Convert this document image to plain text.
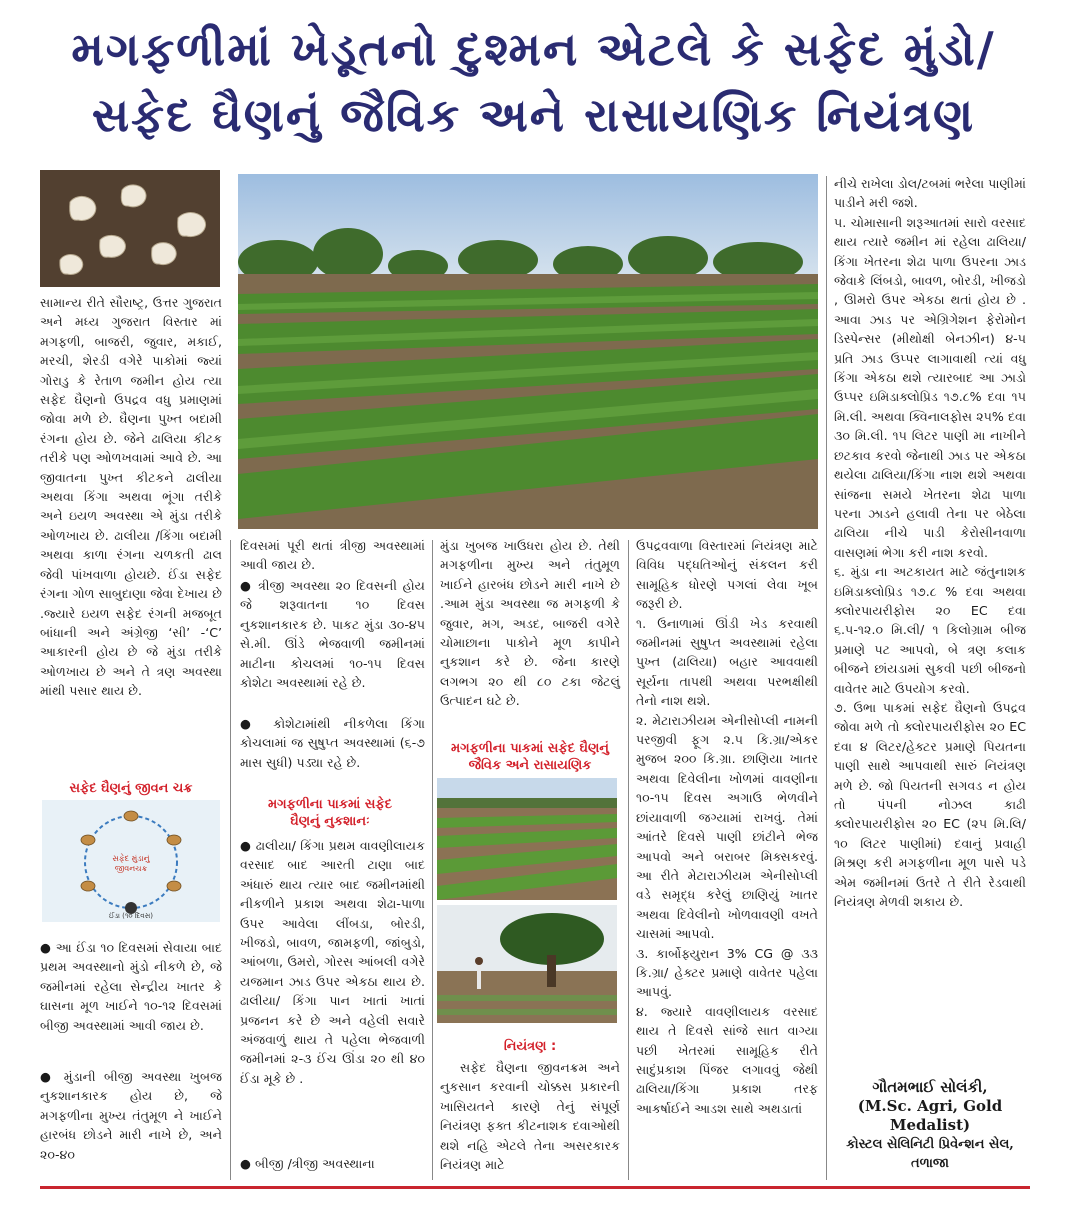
મગફળીમાં ખેડૂતનો દુશ્મન એટલે કે સફેદ મુંડો/
સફેદ ઘૈણનું જૈવિક અને રાસાયણિક નિયંત્રણ
સામાન્ય રીતે સૌરાષ્ટ્ર, ઉત્તર ગુજરાત અને મધ્ય ગુજરાત વિસ્તાર માં મગફળી, બાજરી, જુવાર, મકાઈ, મરચી, શેરડી વગેરે પાકોમાં જ્યાં ગોરાડુ કે રેતાળ જમીન હોય ત્યા સફેદ ઘૈણનો ઉપદ્રવ વધુ પ્રમાણમાં જોવા મળે છે. ઘૈણના પુખ્ત બદામી રંગના હોય છે. જેને ઢાલિયા કીટક તરીકે પણ ઓળખવામાં આવે છે. આ જીવાતના પુખ્ત કીટકને ઢાલીયા અથવા કિંગા અથવા ભૂંગા તરીકે અને ઇયળ અવસ્થા એ મુંડા તરીકે ઓળખાય છે. ઢાલીયા /કિંગા બદામી અથવા કાળા રંગના ચળકતી ઢાલ જેવી પાંખવાળા હોયછે. ઈંડા સફેદ રંગના ગોળ સાબુદાણા જેવા દેખાય છે .જ્યારે ઇયળ સફેદ રંગની મજબૂત બાંધાની અને અંગ્રેજી ‘સી’ -‘C’ આકારની હોય છે જે મુંડા તરીકે ઓળખાય છે અને તે ત્રણ અવસ્થા માંથી પસાર થાય છે.
સફેદ ઘૈણનું જીવન ચક્ર
સફેદ મુંડાનું જીવનચક્ર
ઈંડા (૧૦ દિવસ)
● આ ઈંડા ૧૦ દિવસમાં સેવાયા બાદ પ્રથમ અવસ્થાનો મુંડો નીકળે છે, જે જમીનમાં રહેલા સેન્દ્રીય ખાતર કે ઘાસના મૂળ ખાઈને ૧૦-૧૨ દિવસમાં બીજી અવસ્થામાં આવી જાય છે.
● મુંડાની બીજી અવસ્થા ખુબજ નુકશાનકારક હોય છે, જે મગફળીના મુખ્ય તંતુમૂળ ને ખાઈને હારબંધ છોડને મારી નાખે છે, અને ૨૦-૪૦
દિવસમાં પૂરી થતાં ત્રીજી અવસ્થામાં આવી જાય છે.
● ત્રીજી અવસ્થા ૨૦ દિવસની હોય જે શરૂવાતના ૧૦ દિવસ નુકશાનકારક છે. પાકટ મુંડા ૩૦-૪૫ સે.મી. ઊંડે ભેજવાળી જમીનમાં માટીના કોચલમાં ૧૦-૧૫ દિવસ કોશેટા અવસ્થામાં રહે છે.
● કોશેટામાંથી નીકળેલા કિંગા કોચલામાં જ સુષુપ્ત અવસ્થામાં (૬-૭ માસ સુધી) પડ્યા રહે છે.
મગફળીના પાકમાં સફેદ ઘૈણનું નુકશાનઃ
● ઢાલીયા/ કિંગા પ્રથમ વાવણીલાયક વરસાદ બાદ આરતી ટાણા બાદ અંધારું થાય ત્યાર બાદ જમીનમાંથી નીકળીને પ્રકાશ અથવા શેઢા-પાળા ઉપર આવેલા લીંબડા, બોરડી, ખીજડો, બાવળ, જામફળી, જાંબુડો, આંબળા, ઉમરો, ગોરસ આંબલી વગેરે યજમાન ઝાડ ઉપર એકઠા થાય છે. ઢાલીયા/ કિંગા પાન ખાતાં ખાતાં પ્રજનન કરે છે અને વહેલી સવારે અંજવાળું થાય તે પહેલા ભેજવાળી જમીનમાં ૨-૩ ઈંચ ઊંડા ૨૦ થી ૪૦ ઈંડા મૂકે છે .
● બીજી /ત્રીજી અવસ્થાના
મુંડા ખુબજ ખાઉધરા હોય છે. તેથી મગફળીના મુખ્ય અને તંતુમૂળ ખાઈને હારબંધ છોડને મારી નાખે છે .આમ મુંડા અવસ્થા જ મગફળી કે જુવાર, મગ, અડદ, બાજરી વગેરે ચોમાછાના પાકોને મૂળ કાપીને નુકશાન કરે છે. જેના કારણે લગભગ ૨૦ થી ૮૦ ટકા જેટલું ઉત્પાદન ઘટે છે.
મગફળીના પાકમાં સફેદ ઘૈણનું જૈવિક અને રાસાયણિક
નિયંત્રણ :
સફેદ ઘૈણના જીવનક્રમ અને નુકસાન કરવાની ચોક્કસ પ્રકારની ખાસિયતને કારણે તેનું સંપૂર્ણ નિયંત્રણ ફક્ત કીટનાશક દવાઓથી થશે નહિ એટલે તેના અસરકારક નિયંત્રણ માટે
ઉપદ્રવવાળા વિસ્તારમાં નિયંત્રણ માટે વિવિધ પદ્ધતિઓનું સંકલન કરી સામૂહિક ધોરણે પગલાં લેવા ખૂબ જરૂરી છે.
૧. ઉનાળામાં ઊંડી ખેડ કરવાથી જમીનમાં સુષુપ્ત અવસ્થામાં રહેલા પુખ્ત (ઢાલિયા) બહાર આવવાથી સૂર્યના તાપથી અથવા પરભક્ષીથી તેનો નાશ થશે.
૨. મેટારાઝીયમ એનીસોપ્લી નામની પરજીવી ફૂગ ૨.૫ કિ.ગ્રા/એકર મુજબ ૨૦૦ કિ.ગ્રા. છાણિયા ખાતર અથવા દિવેલીના ખોળમાં વાવણીના ૧૦-૧૫ દિવસ અગાઉ ભેળવીને છાંયાવાળી જગ્યામાં રાખવું. તેમાં આંતરે દિવસે પાણી છાંટીને ભેજ આપવો અને બરાબર મિક્સકરવું. આ રીતે મેટારાઝીયમ એનીસોપ્લી વડે સમૃદ્ધ કરેલું છાણિયું ખાતર અથવા દિવેલીનો ખોળવાવણી વખતે ચાસમાં આપવો.
૩. કાર્બોફ્યુરાન 3% CG @ ૩૩ કિ.ગ્રા/ હેક્ટર પ્રમાણે વાવેતર પહેલા આપવું.
૪. જ્યારે વાવણીલાયક વરસાદ થાય તે દિવસે સાંજે સાત વાગ્યા પછી ખેતરમાં સામૂહિક રીતે સાદુંપ્રકાશ પિંજર લગાવવું જેથી ઢાલિયા/કિંગા પ્રકાશ તરફ આકર્ષાઈને આડશ સાથે અથડાતાં
નીચે રાખેલા ડોલ/ટબમાં ભરેલા પાણીમાં પાડીને મરી જશે.
૫. ચોમાસાની શરૂઆતમાં સારો વરસાદ થાય ત્યારે જમીન માં રહેલા ઢાલિયા/કિંગા ખેતરના શેઢા પાળા ઉપરના ઝાડ જેવાકે લિંબડો, બાવળ, બોરડી, ખીજડો , ઊમરો ઉપર એકઠા થતાં હોય છે . આવા ઝાડ પર એગ્રિગેશન ફેરોમોન ડિસ્પેન્સર (મીથોક્ષી બેનઝીન) ૪-૫ પ્રતિ ઝાડ ઉપ્પર લાગાવાથી ત્યાં વધુ કિંગા એકઠા થશે ત્યારબાદ આ ઝાડો ઉપ્પર ઇમિડાક્લોપ્રિડ ૧૭.૮% દવા ૧૫ મિ.લી. અથવા ક્વિનાલફોસ ૨૫% દવા ૩૦ મિ.લી. ૧૫ લિટર પાણી મા નાખીને છટકાવ કરવો જેનાથી ઝાડ પર એકઠા થયેલા ઢાલિયા/કિંગા નાશ થશે અથવા સાંજના સમયે ખેતરના શેઢા પાળા પરના ઝાડને હલાવી તેના પર બેઠેલા ઢાલિયા નીચે પાડી કેરોસીનવાળા વાસણમાં ભેગા કરી નાશ કરવો.
૬. મુંડા ના અટકાયત માટે જંતુનાશક ઇમિડાક્લોપ્રિડ ૧૭.૮ % દવા અથવા ક્લોરપાયરીફોસ ૨૦ EC દવા ૬.૫-૧૨.૦ મિ.લી/ ૧ કિલોગ્રામ બીજ પ્રમાણે પટ આપવો, બે ત્રણ કલાક બીજને છાંયડામાં સુકવી પછી બીજનો વાવેતર માટે ઉપયોગ કરવો.
૭. ઉભા પાકમાં સફેદ ઘૈણનો ઉપદ્રવ જોવા મળે તો ક્લોરપાયરીફોસ ૨૦ EC દવા ૪ લિટર/હેક્ટર પ્રમાણે પિયતના પાણી સાથે આપવાથી સારું નિયંત્રણ મળે છે. જો પિયતની સગવડ ન હોય તો પંપની નોઝલ કાઢી ક્લોરપાયરીફોસ ૨૦ EC (૨૫ મિ.લિ/૧૦ લિટર પાણીમાં) દવાનું પ્રવાહી મિશ્રણ કરી મગફળીના મૂળ પાસે પડે એમ જમીનમાં ઉતરે તે રીતે રેડવાથી નિયંત્રણ મેળવી શકાય છે.
ગૌતમભાઈ સોલંકી,
(M.Sc. Agri, Gold Medalist)
કોસ્ટલ સેલિનિટી પ્રિવેન્શન સેલ, તળાજા
